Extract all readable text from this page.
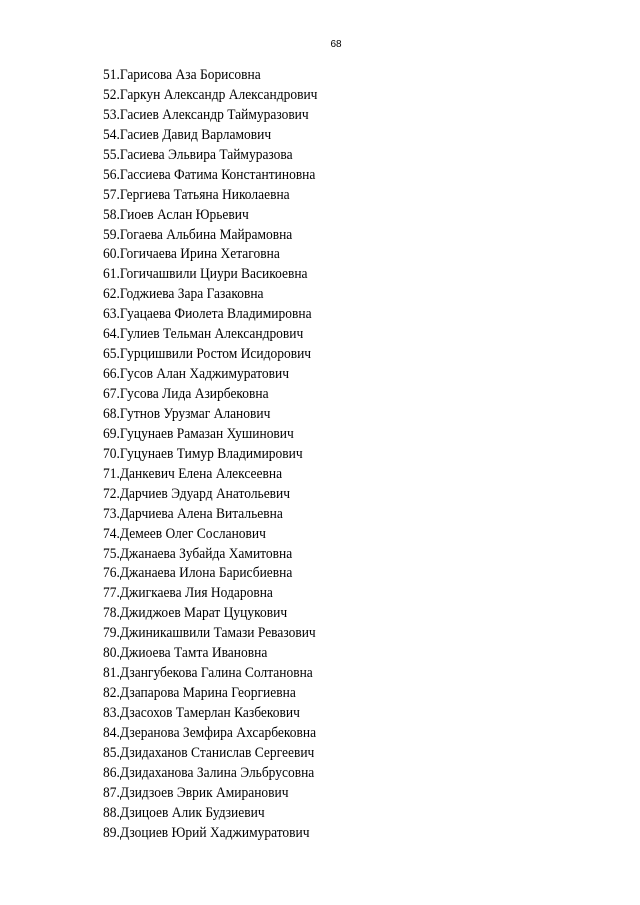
68
51.Гарисова Аза Борисовна
52.Гаркун Александр Александрович
53.Гасиев Александр Таймуразович
54.Гасиев Давид Варламович
55.Гасиева Эльвира Таймуразова
56.Гассиева Фатима Константиновна
57.Гергиева Татьяна Николаевна
58.Гиоев Аслан Юрьевич
59.Гогаева Альбина Майрамовна
60.Гогичаева Ирина Хетаговна
61.Гогичашвили Циури Васикоевна
62.Годжиева Зара Газаковна
63.Гуацаева Фиолета Владимировна
64.Гулиев Тельман Александрович
65.Гурцишвили Ростом Исидорович
66.Гусов Алан Хаджимуратович
67.Гусова Лида Азирбековна
68.Гутнов Урузмаг Аланович
69.Гуцунаев Рамазан Хушинович
70.Гуцунаев Тимур Владимирович
71.Данкевич Елена Алексеевна
72.Дарчиев Эдуард Анатольевич
73.Дарчиева Алена Витальевна
74.Демеев Олег Сосланович
75.Джанаева Зубайда Хамитовна
76.Джанаева Илона Барисбиевна
77.Джигкаева Лия Нодаровна
78.Джиджоев Марат Цуцукович
79.Джиникашвили Тамази Ревазович
80.Джиоева Тамта Ивановна
81.Дзангубекова Галина Солтановна
82.Дзапарова Марина Георгиевна
83.Дзасохов Тамерлан Казбекович
84.Дзеранова Земфира Ахсарбековна
85.Дзидаханов Станислав Сергеевич
86.Дзидаханова Залина Эльбрусовна
87.Дзидзоев Эврик Амиранович
88.Дзицоев Алик Будзиевич
89.Дзоциев Юрий Хаджимуратович
